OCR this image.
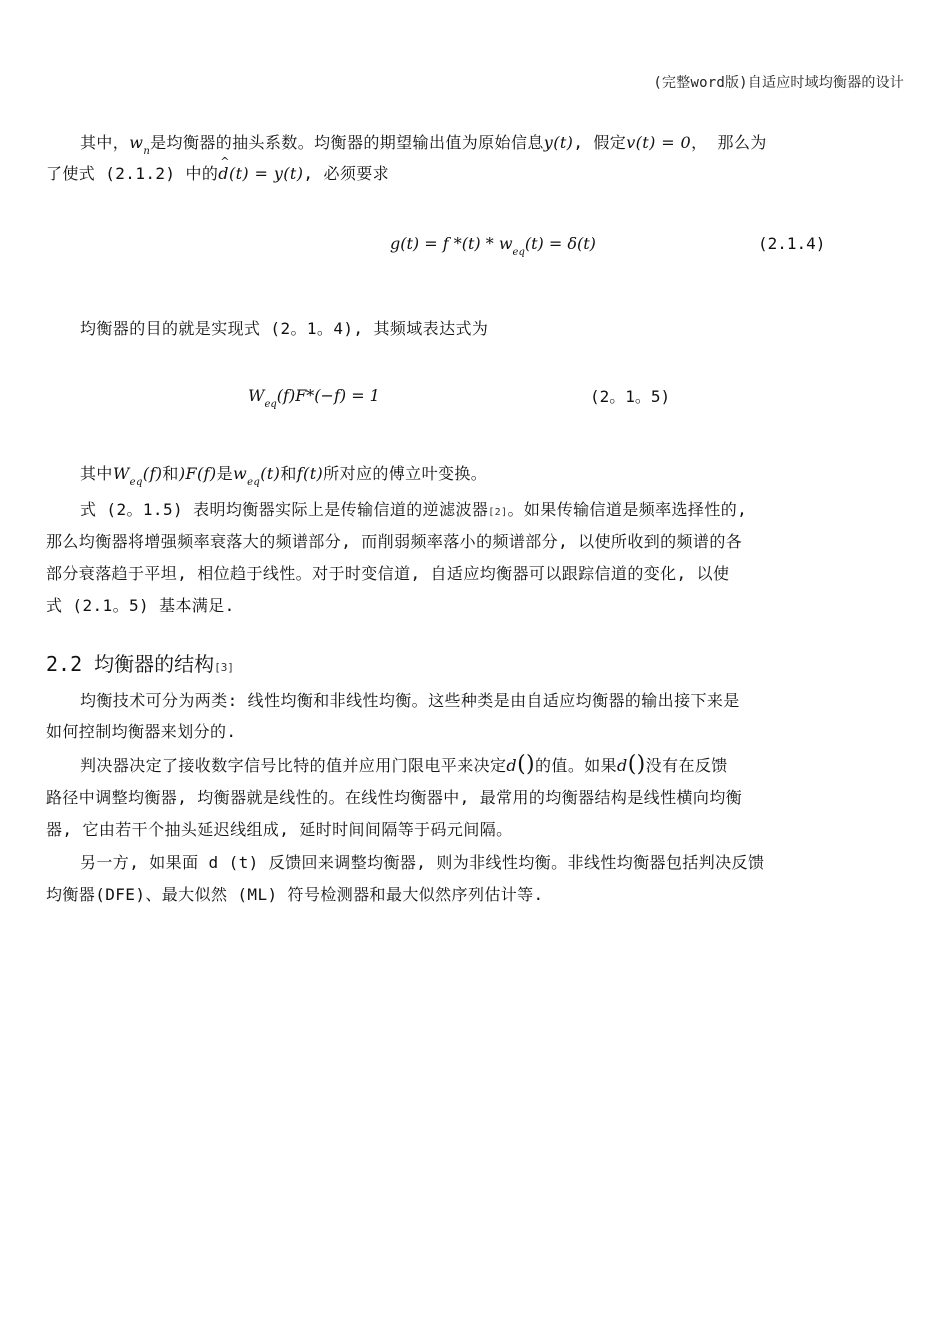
(完整word版)自适应时域均衡器的设计
其中，$w_n$是均衡器的抽头系数。均衡器的期望输出值为原始信息y(t), 假定v(t) = 0， 那么为
了使式 (2.1.2) 中的^ d(t) = y(t), 必须要求
g(t) = f $*(t) * w_{eq}(t) = \delta(t)$	(2.1.4)
均衡器的目的就是实现式 (2。1。4), 其频域表达式为
$W_{eq}(f)F*(-f) = 1$	(2。1。5)
其中$W_{eq}(f)$和)F(f)是$w_{eq}(t)$和f(t)所对应的傅立叶变换。
式 (2。1.5) 表明均衡器实际上是传输信道的逆滤波器[2]。如果传输信道是频率选择性的,
那么均衡器将增强频率衰落大的频谱部分, 而削弱频率落小的频谱部分, 以使所收到的频谱的各
部分衰落趋于平坦, 相位趋于线性。对于时变信道, 自适应均衡器可以跟踪信道的变化, 以使
式 (2.1。5) 基本满足.
2.2 均衡器的结构[3]
均衡技术可分为两类: 线性均衡和非线性均衡。这些种类是由自适应均衡器的输出接下来是
如何控制均衡器来划分的.
判决器决定了接收数字信号比特的值并应用门限电平来决定d()的值。如果d()没有在反馈
路径中调整均衡器, 均衡器就是线性的。在线性均衡器中, 最常用的均衡器结构是线性横向均衡
器, 它由若干个抽头延迟线组成, 延时时间间隔等于码元间隔。
另一方, 如果面 d (t) 反馈回来调整均衡器, 则为非线性均衡。非线性均衡器包括判决反馈
均衡器(DFE)、最大似然 (ML) 符号检测器和最大似然序列估计等.
